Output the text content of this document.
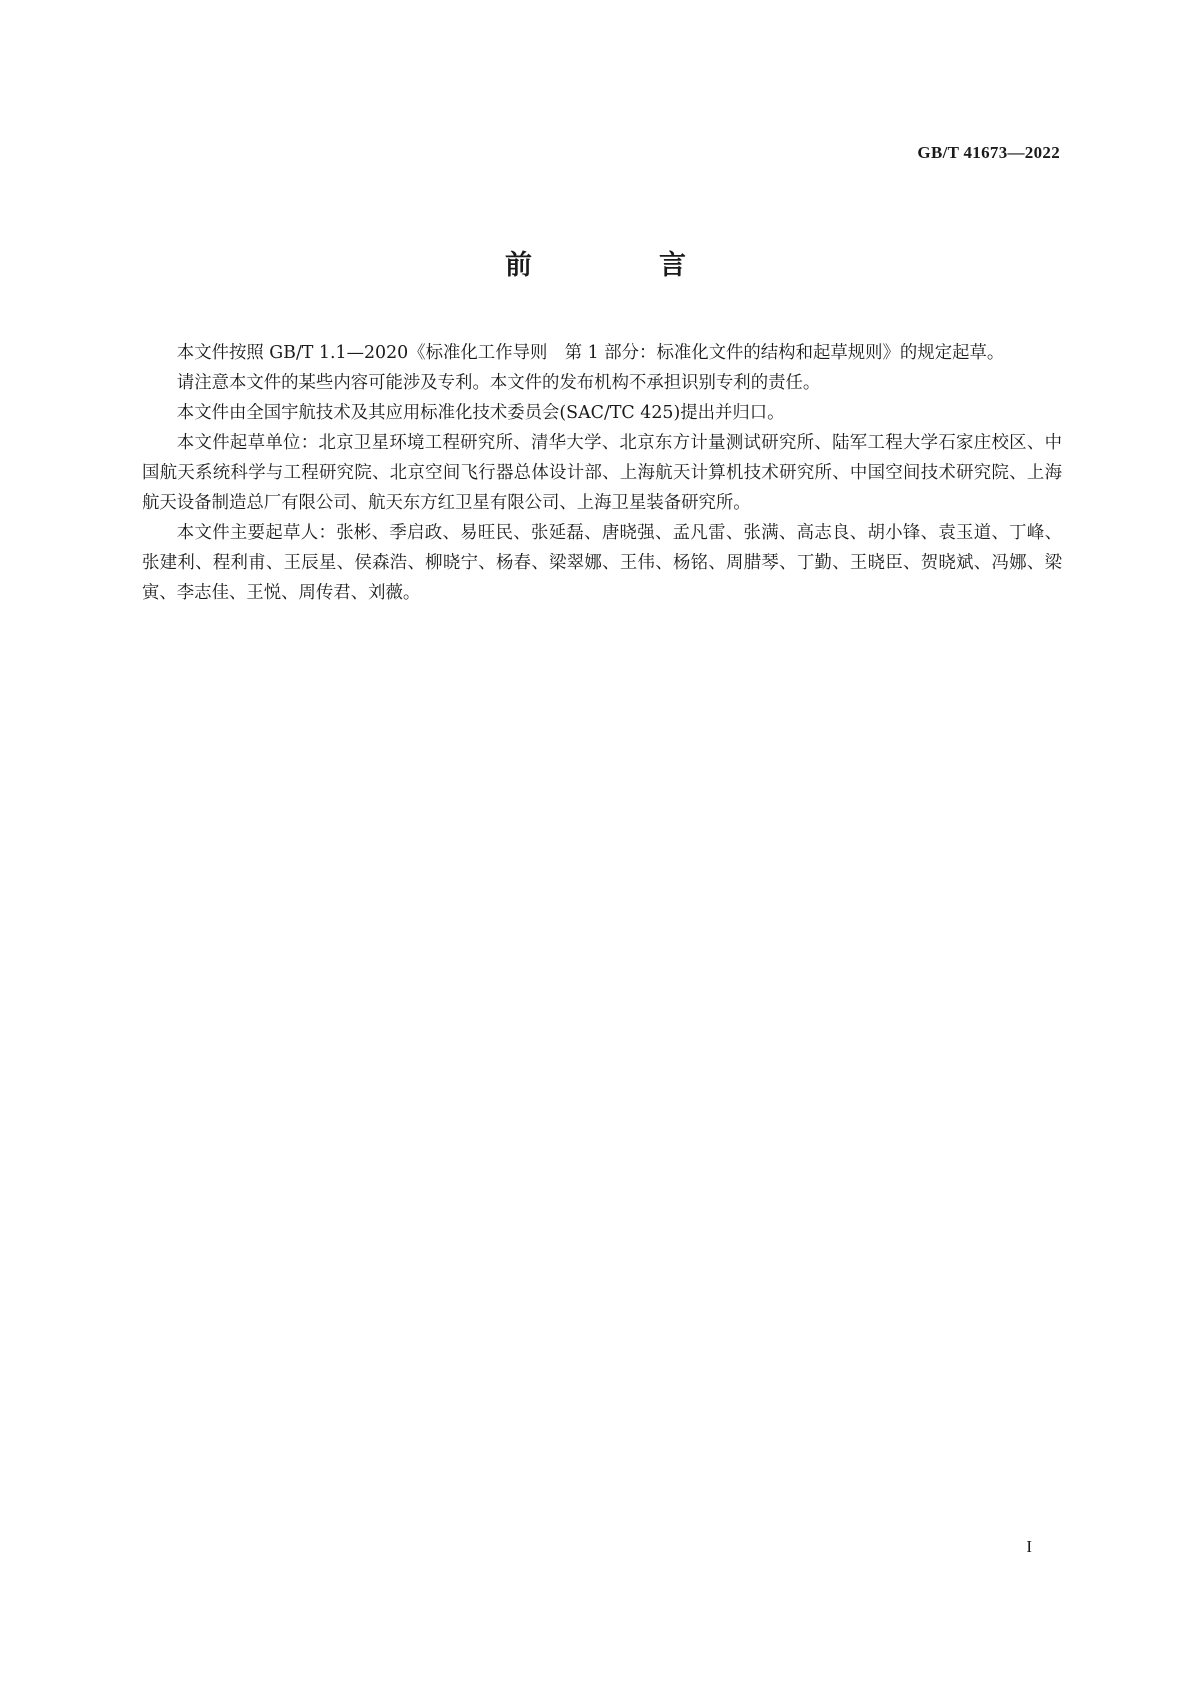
GB/T 41673—2022
前　言

本文件按照 GB/T 1.1—2020《标准化工作导则　第 1 部分：标准化文件的结构和起草规则》的规定起草。

请注意本文件的某些内容可能涉及专利。本文件的发布机构不承担识别专利的责任。

本文件由全国宇航技术及其应用标准化技术委员会(SAC/TC 425)提出并归口。

本文件起草单位：北京卫星环境工程研究所、清华大学、北京东方计量测试研究所、陆军工程大学石家庄校区、中国航天系统科学与工程研究院、北京空间飞行器总体设计部、上海航天计算机技术研究所、中国空间技术研究院、上海航天设备制造总厂有限公司、航天东方红卫星有限公司、上海卫星装备研究所。

本文件主要起草人：张彬、季启政、易旺民、张延磊、唐晓强、孟凡雷、张满、高志良、胡小锋、袁玉道、丁峰、张建利、程利甫、王辰星、侯森浩、柳晓宁、杨春、梁翠娜、王伟、杨铭、周腊琴、丁勤、王晓臣、贺晓斌、冯娜、梁寅、李志佳、王悦、周传君、刘薇。

I
